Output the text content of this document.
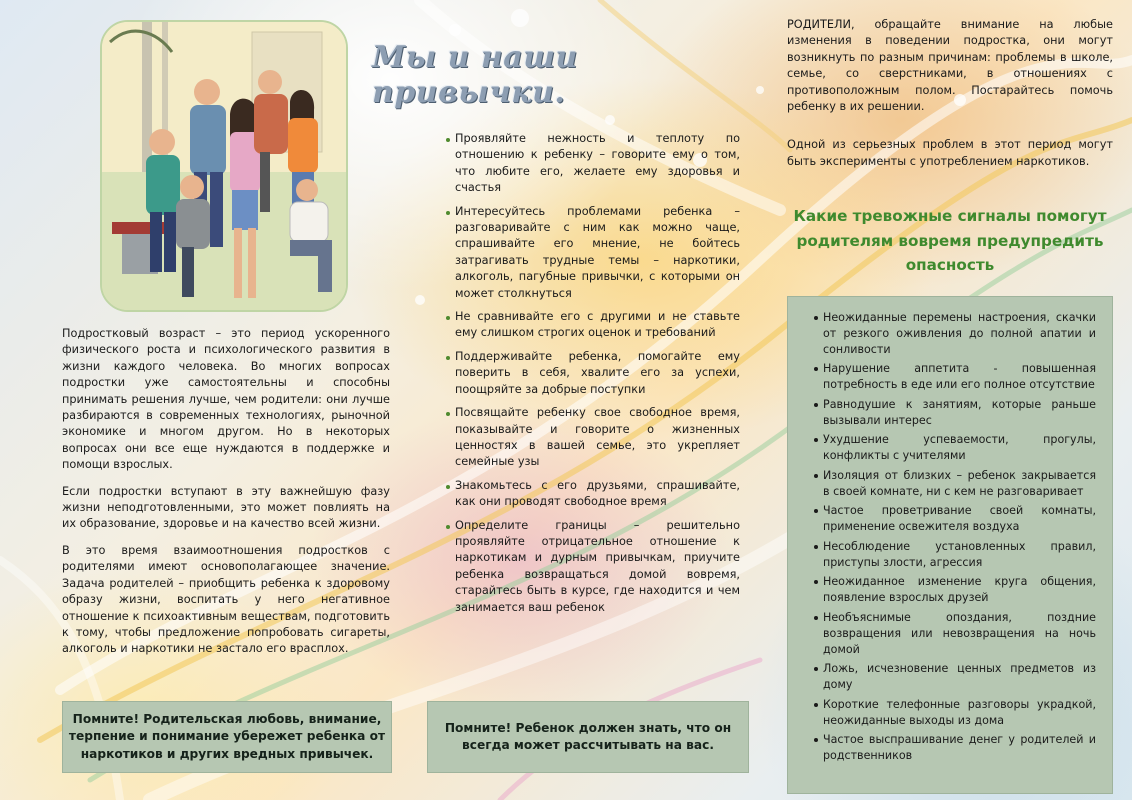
Подростковый возраст – это период ускоренного физического роста и психологического развития в жизни каждого человека. Во многих вопросах подростки уже самостоятельны и способны принимать решения лучше, чем родители: они лучше разбираются в современных технологиях, рыночной экономике и многом другом. Но в некоторых вопросах они все еще нуждаются в поддержке и помощи взрослых.

Если подростки вступают в эту важнейшую фазу жизни неподготовленными, это может повлиять на их образование, здоровье и на качество всей жизни.

В это время взаимоотношения подростков с родителями имеют основополагающее значение. Задача родителей – приобщить ребенка к здоровому образу жизни, воспитать у него негативное отношение к психоактивным веществам, подготовить к тому, чтобы предложение попробовать сигареты, алкоголь и наркотики не застало его врасплох.

Помните! Родительская любовь, внимание, терпение и понимание убережет ребенка от наркотиков и других вредных привычек.
Мы и наши привычки.
Проявляйте нежность и теплоту по отношению к ребенку – говорите ему о том, что любите его, желаете ему здоровья и счастья
Интересуйтесь проблемами ребенка – разговаривайте с ним как можно чаще, спрашивайте его мнение, не бойтесь затрагивать трудные темы – наркотики, алкоголь, пагубные привычки, с которыми он может столкнуться
Не сравнивайте его с другими и не ставьте ему слишком строгих оценок и требований
Поддерживайте ребенка, помогайте ему поверить в себя, хвалите его за успехи, поощряйте за добрые поступки
Посвящайте ребенку свое свободное время, показывайте и говорите о жизненных ценностях в вашей семье, это укрепляет семейные узы
Знакомьтесь с его друзьями, спрашивайте, как они проводят свободное время
Определите границы – решительно проявляйте отрицательное отношение к наркотикам и дурным привычкам, приучите ребенка возвращаться домой вовремя, старайтесь быть в курсе, где находится и чем занимается ваш ребенок
Помните! Ребенок должен знать, что он всегда может рассчитывать на вас.

РОДИТЕЛИ, обращайте внимание на любые изменения в поведении подростка, они могут возникнуть по разным причинам: проблемы в школе, семье, со сверстниками, в отношениях с противоположным полом. Постарайтесь помочь ребенку в их решении.

Одной из серьезных проблем в этот период могут быть эксперименты с употреблением наркотиков.

Какие тревожные сигналы помогут родителям вовремя предупредить опасность
Неожиданные перемены настроения, скачки от резкого оживления до полной апатии и сонливости
Нарушение аппетита - повышенная потребность в еде или его полное отсутствие
Равнодушие к занятиям, которые раньше вызывали интерес
Ухудшение успеваемости, прогулы, конфликты с учителями
Изоляция от близких – ребенок закрывается в своей комнате, ни с кем не разговаривает
Частое проветривание своей комнаты, применение освежителя воздуха
Несоблюдение установленных правил, приступы злости, агрессия
Неожиданное изменение круга общения, появление взрослых друзей
Необъяснимые опоздания, поздние возвращения или невозвращения на ночь домой
Ложь, исчезновение ценных предметов из дому
Короткие телефонные разговоры украдкой, неожиданные выходы из дома
Частое выспрашивание денег у родителей и родственников
